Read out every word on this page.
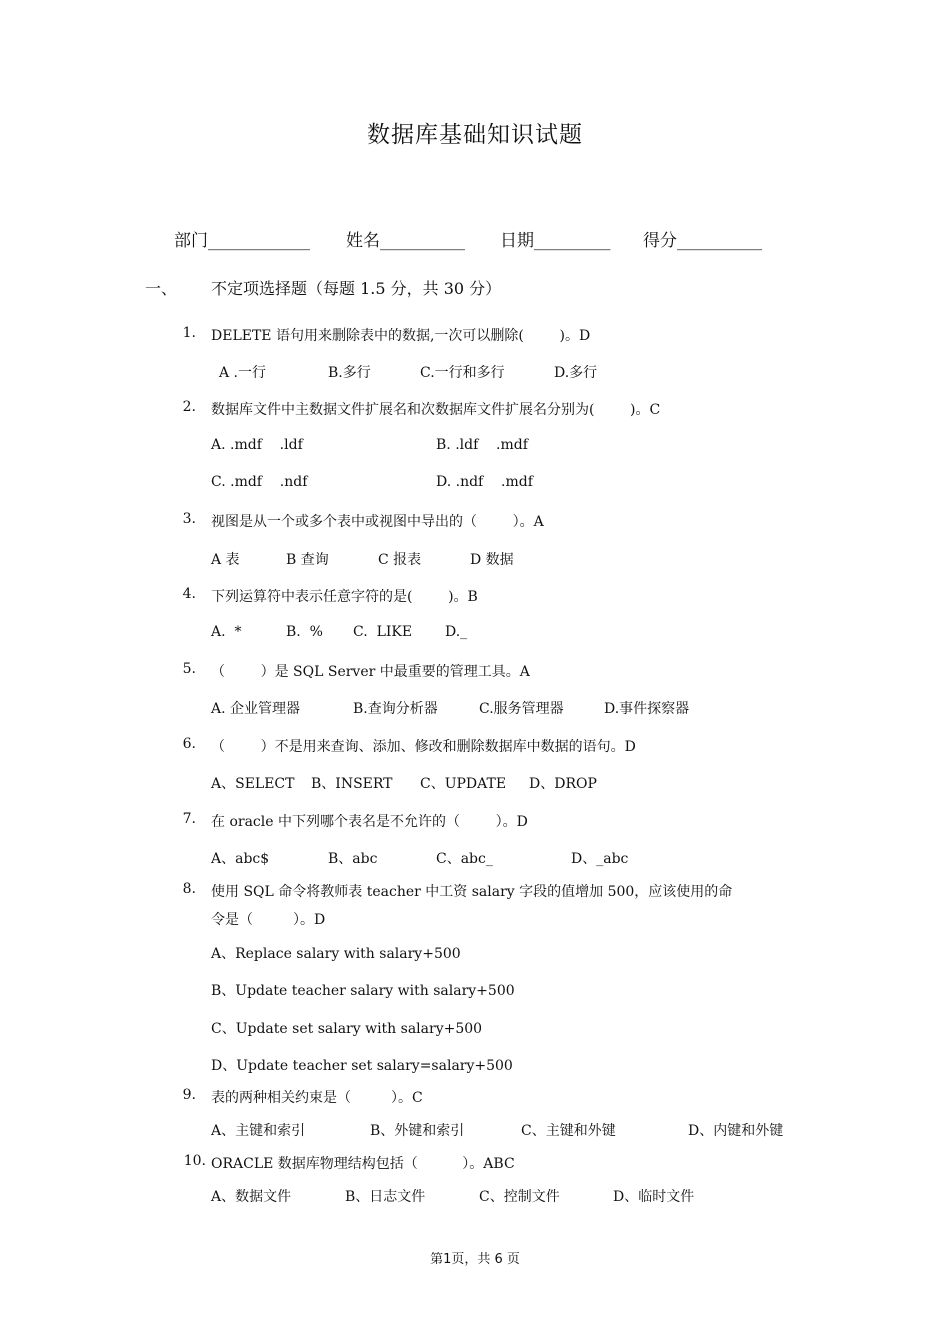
数据库基础知识试题
部门____________ 姓名__________ 日期_________ 得分__________
一、 不定项选择题（每题 1.5 分，共 30 分）
1. DELETE 语句用来删除表中的数据,一次可以删除(        )。D
A .一行	B.多行	C.一行和多行	D.多行
2. 数据库文件中主数据文件扩展名和次数据库文件扩展名分别为(        )。C
A. .mdf    .ldf	B. .ldf    .mdf
C. .mdf    .ndf	D. .ndf    .mdf
3. 视图是从一个或多个表中或视图中导出的（        ）。A
A 表	B 查询	C 报表	D 数据
4. 下列运算符中表示任意字符的是(        )。B
A.  *	B.  % C.  LIKE D._
5. （        ）是 SQL Server 中最重要的管理工具。A
A. 企业管理器	B.查询分析器	C.服务管理器	D.事件探察器
6. （        ）不是用来查询、添加、修改和删除数据库中数据的语句。D
A、SELECT B、INSERT C、UPDATE D、DROP
7. 在 oracle 中下列哪个表名是不允许的（        ）。D
A、abc$	B、abc	C、abc_	D、_abc
8. 使用 SQL 命令将教师表 teacher 中工资 salary 字段的值增加 500，应该使用的命
令是（         ）。D
A、Replace salary with salary+500
B、Update teacher salary with salary+500
C、Update set salary with salary+500
D、Update teacher set salary=salary+500
9. 表的两种相关约束是（         ）。C
A、主键和索引	B、外键和索引	C、主键和外键	D、内键和外键
10. ORACLE 数据库物理结构包括（          ）。ABC
A、数据文件	B、日志文件	C、控制文件	D、临时文件
第1页，共 6 页
